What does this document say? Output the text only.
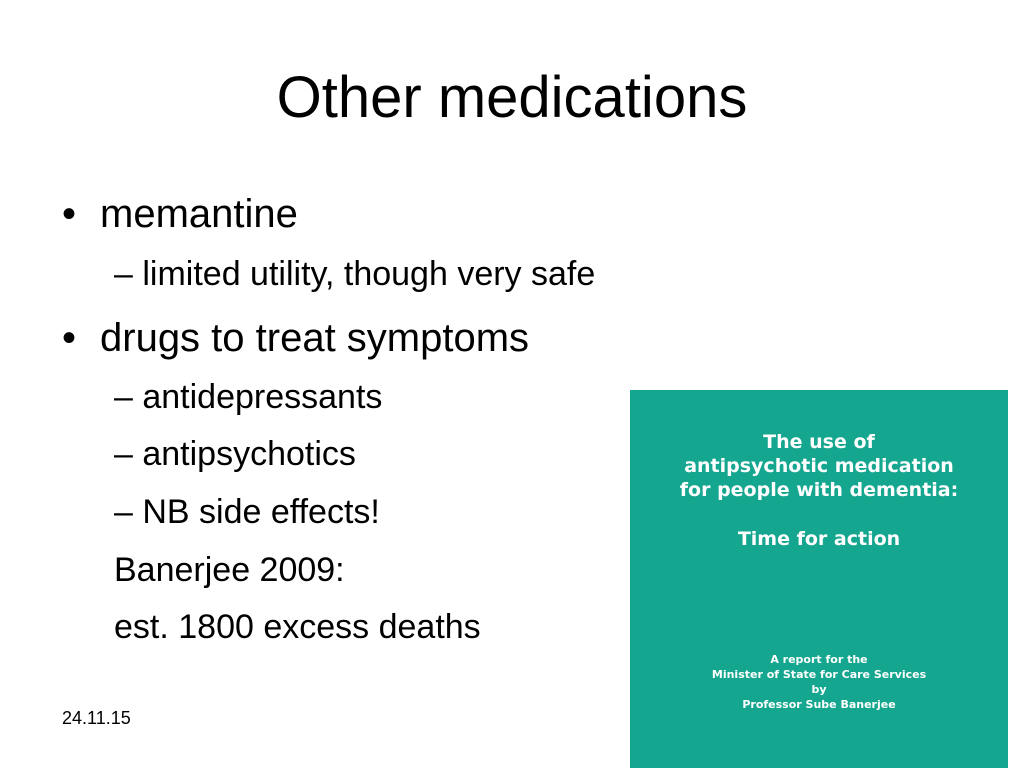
Other medications
• memantine
– limited utility, though very safe
• drugs to treat symptoms
– antidepressants
– antipsychotics
– NB side effects!
Banerjee 2009:
est. 1800 excess deaths
24.11.15
The use of
antipsychotic medication
for people with dementia:
Time for action
A report for the
Minister of State for Care Services
by
Professor Sube Banerjee
